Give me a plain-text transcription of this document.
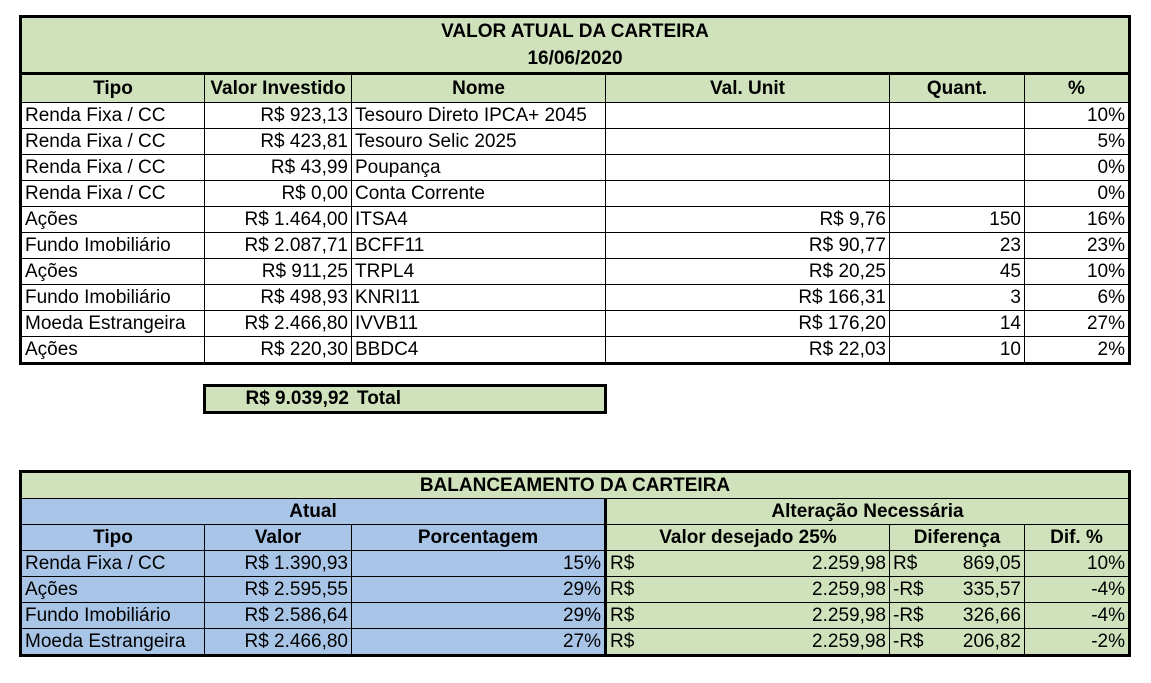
VALOR ATUAL DA CARTEIRA
16/06/2020					

Tipo	Valor Investido	Nome	Val. Unit	Quant.	%
Renda Fixa / CC	R$ 923,13	Tesouro Direto IPCA+ 2045			10%
Renda Fixa / CC	R$ 423,81	Tesouro Selic 2025			5%
Renda Fixa / CC	R$ 43,99	Poupança			0%
Renda Fixa / CC	R$ 0,00	Conta Corrente			0%
Ações	R$ 1.464,00	ITSA4	R$ 9,76	150	16%
Fundo Imobiliário	R$ 2.087,71	BCFF11	R$ 90,77	23	23%
Ações	R$ 911,25	TRPL4	R$ 20,25	45	10%
Fundo Imobiliário	R$ 498,93	KNRI11	R$ 166,31	3	6%
Moeda Estrangeira	R$ 2.466,80	IVVB11	R$ 176,20	14	27%
Ações	R$ 220,30	BBDC4	R$ 22,03	10	2%
R$ 9.039,92 Total
BALANCEAMENTO DA CARTEIRA					
Atual			Alteração Necessária		
Tipo	Valor	Porcentagem	Valor desejado 25%	Diferença	Dif. %
Renda Fixa / CC	R$ 1.390,93	15%	R$ 2.259,98	R$ 869,05	10%
Ações	R$ 2.595,55	29%	R$ 2.259,98	-R$ 335,57	-4%
Fundo Imobiliário	R$ 2.586,64	29%	R$ 2.259,98	-R$ 326,66	-4%
Moeda Estrangeira	R$ 2.466,80	27%	R$ 2.259,98	-R$ 206,82	-2%
